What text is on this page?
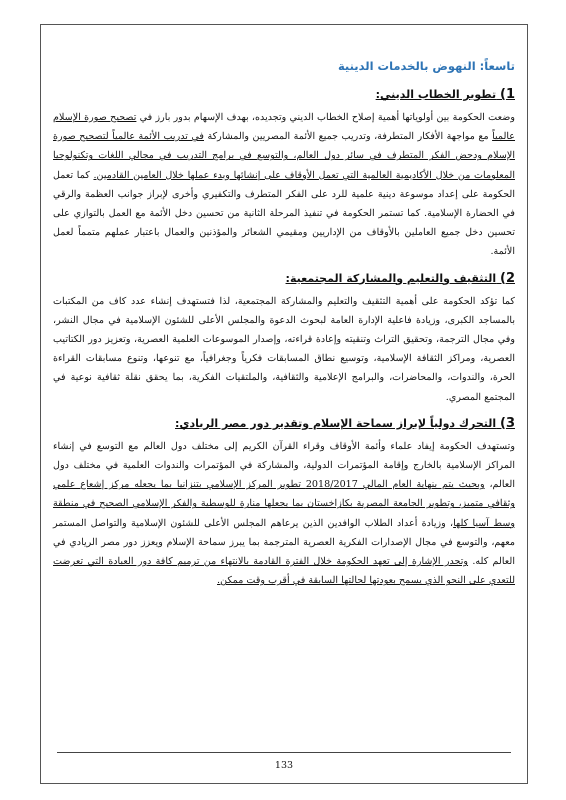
تاسعاً: النهوض بالخدمات الدينية
1) تطوير الخطاب الديني:

وضعت الحكومة بين أولوياتها أهمية إصلاح الخطاب الديني وتجديده، بهدف الإسهام بدور بارز في تصحيح صورة الإسلام عالمياً مع مواجهة الأفكار المتطرفة، وتدريب جميع الأئمة المصريين والمشاركة في تدريب الأئمة عالمياً لتصحيح صورة الإسلام ودحض الفكر المتطرف في سائر دول العالم، والتوسع في برامج التدريب في مجالي اللغات وتكنولوجيا المعلومات من خلال الأكاديمية العالمية التي تعمل الأوقاف على إنشائها وبدء عملها خلال العامين القادمين. كما تعمل الحكومة على إعداد موسوعة دينية علمية للرد على الفكر المتطرف والتكفيري وأخرى لإبراز جوانب العظمة والرقي في الحضارة الإسلامية. كما تستمر الحكومة في تنفيذ المرحلة الثانية من تحسين دخل الأئمة مع العمل بالتوازي على تحسين دخل جميع العاملين بالأوقاف من الإداريين ومقيمي الشعائر والمؤذنين والعمال باعتبار عملهم متمماً لعمل الأئمة.

2) التثقيف والتعليم والمشاركة المجتمعية:

كما تؤكد الحكومة على أهمية التثقيف والتعليم والمشاركة المجتمعية، لذا فتستهدف إنشاء عدد كاف من المكتبات بالمساجد الكبرى، وزيادة فاعلية الإدارة العامة لبحوث الدعوة والمجلس الأعلى للشئون الإسلامية في مجال النشر، وفي مجال الترجمة، وتحقيق التراث وتنقيته وإعادة قراءته، وإصدار الموسوعات العلمية العصرية، وتعزيز دور الكتاتيب العصرية، ومراكز الثقافة الإسلامية، وتوسيع نطاق المسابقات فكرياً وجغرافياً، مع تنوعها، وتنوع مسابقات القراءة الحرة، والندوات، والمحاضرات، والبرامج الإعلامية والثقافية، والملتقيات الفكرية، بما يحقق نقلة ثقافية نوعية في المجتمع المصري.

3) التحرك دولياً لإبراز سماحة الإسلام وتقدير دور مصر الريادي:

وتستهدف الحكومة إيفاد علماء وأئمة الأوقاف وقراء القرآن الكريم إلى مختلف دول العالم مع التوسع في إنشاء المراكز الإسلامية بالخارج وإقامة المؤتمرات الدولية، والمشاركة في المؤتمرات والندوات العلمية في مختلف دول العالم، وبحيث يتم بنهاية العام المالي 2018/2017 تطوير المركز الإسلامي بتنزانيا بما يجعله مركز إشعاع علمي وثقافي متميز، وتطوير الجامعة المصرية بكازاخستان بما يجعلها منارة للوسطية والفكر الإسلامي الصحيح في منطقة وسط آسيا كلها، وزيادة أعداد الطلاب الوافدين الذين يرعاهم المجلس الأعلى للشئون الإسلامية والتواصل المستمر معهم، والتوسع في مجال الإصدارات الفكرية العصرية المترجمة بما يبرز سماحة الإسلام ويعزز دور مصر الريادي في العالم كله. وتجدر الإشارة إلى تعهد الحكومة خلال الفترة القادمة بالانتهاء من ترميم كافة دور العبادة التي تعرضت للتعدي على النحو الذي يسمح بعودتها لحالتها السابقة في أقرب وقت ممكن.

133
